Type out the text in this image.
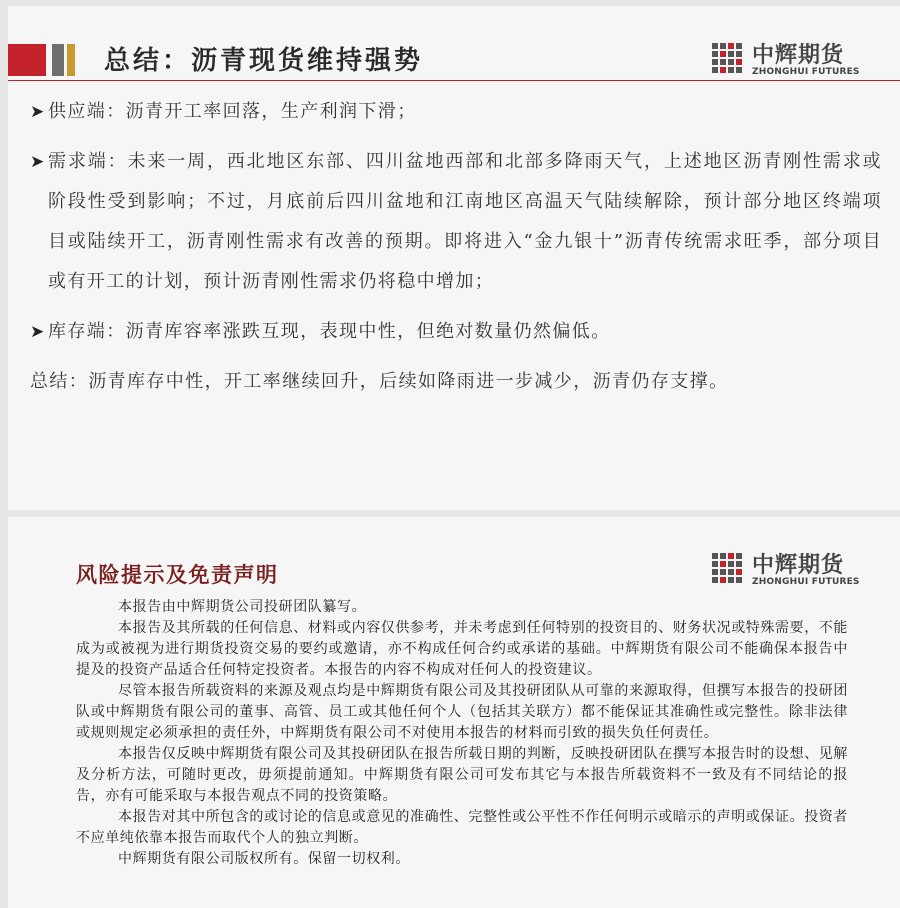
总结：沥青现货维持强势	中辉期货
ZHONGHUI FUTURES

➤ 供应端：沥青开工率回落，生产利润下滑；

➤ 需求端：未来一周，西北地区东部、四川盆地西部和北部多降雨天气，上述地区沥青刚性需求或阶段性受到影响；不过，月底前后四川盆地和江南地区高温天气陆续解除，预计部分地区终端项目或陆续开工，沥青刚性需求有改善的预期。即将进入“金九银十”沥青传统需求旺季，部分项目或有开工的计划，预计沥青刚性需求仍将稳中增加；

➤ 库存端：沥青库容率涨跌互现，表现中性，但绝对数量仍然偏低。

总结：沥青库存中性，开工率继续回升，后续如降雨进一步减少，沥青仍存支撑。

风险提示及免责声明	中辉期货
ZHONGHUI FUTURES

本报告由中辉期货公司投研团队纂写。

本报告及其所载的任何信息、材料或内容仅供参考，并未考虑到任何特别的投资目的、财务状况或特殊需要，不能成为或被视为进行期货投资交易的要约或邀请，亦不构成任何合约或承诺的基础。中辉期货有限公司不能确保本报告中提及的投资产品适合任何特定投资者。本报告的内容不构成对任何人的投资建议。

尽管本报告所载资料的来源及观点均是中辉期货有限公司及其投研团队从可靠的来源取得，但撰写本报告的投研团队或中辉期货有限公司的董事、高管、员工或其他任何个人（包括其关联方）都不能保证其准确性或完整性。除非法律或规则规定必须承担的责任外，中辉期货有限公司不对使用本报告的材料而引致的损失负任何责任。

本报告仅反映中辉期货有限公司及其投研团队在报告所载日期的判断，反映投研团队在撰写本报告时的设想、见解及分析方法，可随时更改，毋须提前通知。中辉期货有限公司可发布其它与本报告所载资料不一致及有不同结论的报告，亦有可能采取与本报告观点不同的投资策略。

本报告对其中所包含的或讨论的信息或意见的准确性、完整性或公平性不作任何明示或暗示的声明或保证。投资者不应单纯依靠本报告而取代个人的独立判断。

中辉期货有限公司版权所有。保留一切权利。
